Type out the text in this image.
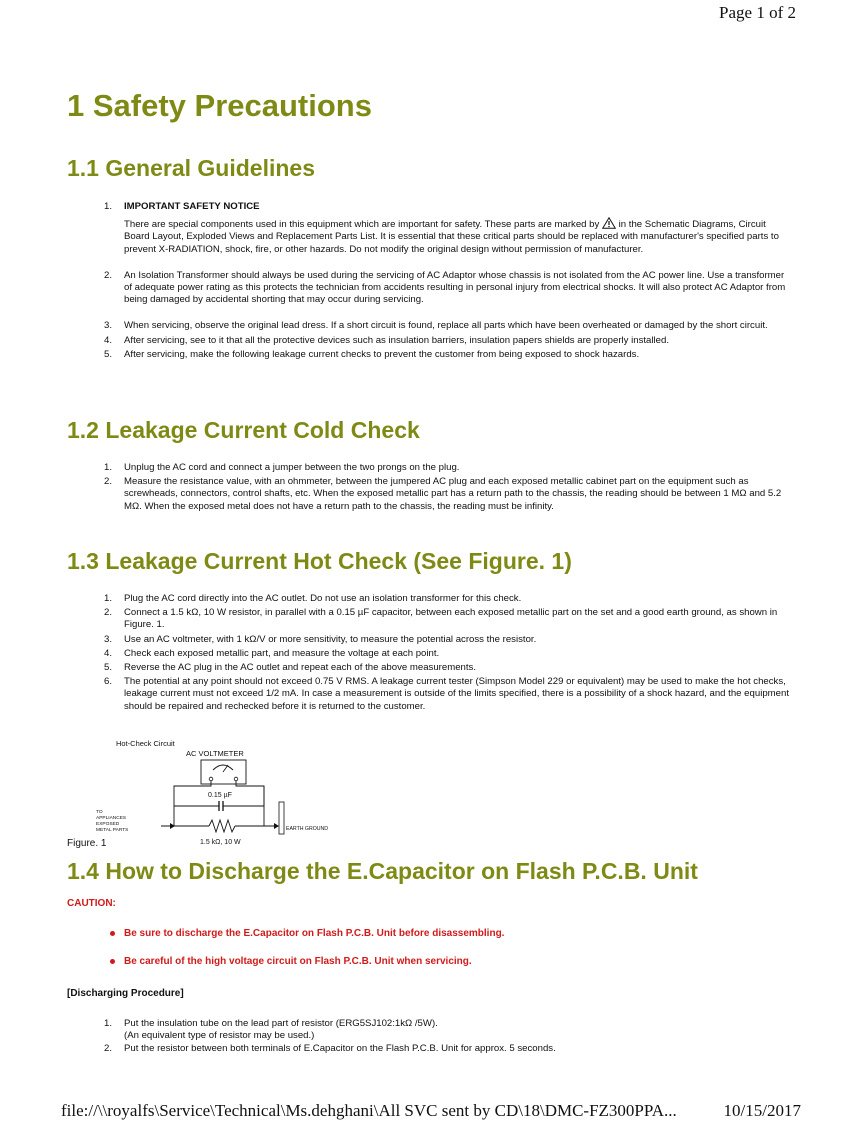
Page 1 of 2
1 Safety Precautions
1.1 General Guidelines
1. IMPORTANT SAFETY NOTICE
There are special components used in this equipment which are important for safety. These parts are marked by in the Schematic Diagrams, Circuit Board Layout, Exploded Views and Replacement Parts List. It is essential that these critical parts should be replaced with manufacturer's specified parts to prevent X-RADIATION, shock, fire, or other hazards. Do not modify the original design without permission of manufacturer.
2. An Isolation Transformer should always be used during the servicing of AC Adaptor whose chassis is not isolated from the AC power line. Use a transformer of adequate power rating as this protects the technician from accidents resulting in personal injury from electrical shocks. It will also protect AC Adaptor from being damaged by accidental shorting that may occur during servicing.
3. When servicing, observe the original lead dress. If a short circuit is found, replace all parts which have been overheated or damaged by the short circuit.
4. After servicing, see to it that all the protective devices such as insulation barriers, insulation papers shields are properly installed.
5. After servicing, make the following leakage current checks to prevent the customer from being exposed to shock hazards.
1.2 Leakage Current Cold Check
1. Unplug the AC cord and connect a jumper between the two prongs on the plug.
2. Measure the resistance value, with an ohmmeter, between the jumpered AC plug and each exposed metallic cabinet part on the equipment such as screwheads, connectors, control shafts, etc. When the exposed metallic part has a return path to the chassis, the reading should be between 1 MΩ and 5.2 MΩ. When the exposed metal does not have a return path to the chassis, the reading must be infinity.
1.3 Leakage Current Hot Check (See Figure. 1)
1. Plug the AC cord directly into the AC outlet. Do not use an isolation transformer for this check.
2. Connect a 1.5 kΩ, 10 W resistor, in parallel with a 0.15 µF capacitor, between each exposed metallic part on the set and a good earth ground, as shown in Figure. 1.
3. Use an AC voltmeter, with 1 kΩ/V or more sensitivity, to measure the potential across the resistor.
4. Check each exposed metallic part, and measure the voltage at each point.
5. Reverse the AC plug in the AC outlet and repeat each of the above measurements.
6. The potential at any point should not exceed 0.75 V RMS. A leakage current tester (Simpson Model 229 or equivalent) may be used to make the hot checks, leakage current must not exceed 1/2 mA. In case a measurement is outside of the limits specified, there is a possibility of a shock hazard, and the equipment should be repaired and rechecked before it is returned to the customer.
Hot-Check Circuit
AC VOLTMETER
0.15 µF
EARTH GROUND
1.5 kΩ, 10 W
TO
APPLIANCES
EXPOSED
METAL PARTS
Figure. 1
1.4 How to Discharge the E.Capacitor on Flash P.C.B. Unit
CAUTION:
Be sure to discharge the E.Capacitor on Flash P.C.B. Unit before disassembling.
Be careful of the high voltage circuit on Flash P.C.B. Unit when servicing.
[Discharging Procedure]
1. Put the insulation tube on the lead part of resistor (ERG5SJ102:1kΩ /5W).
(An equivalent type of resistor may be used.)
2. Put the resistor between both terminals of E.Capacitor on the Flash P.C.B. Unit for approx. 5 seconds.
file://\\royalfs\Service\Technical\Ms.dehghani\All SVC sent by CD\18\DMC-FZ300PPA...	10/15/2017
